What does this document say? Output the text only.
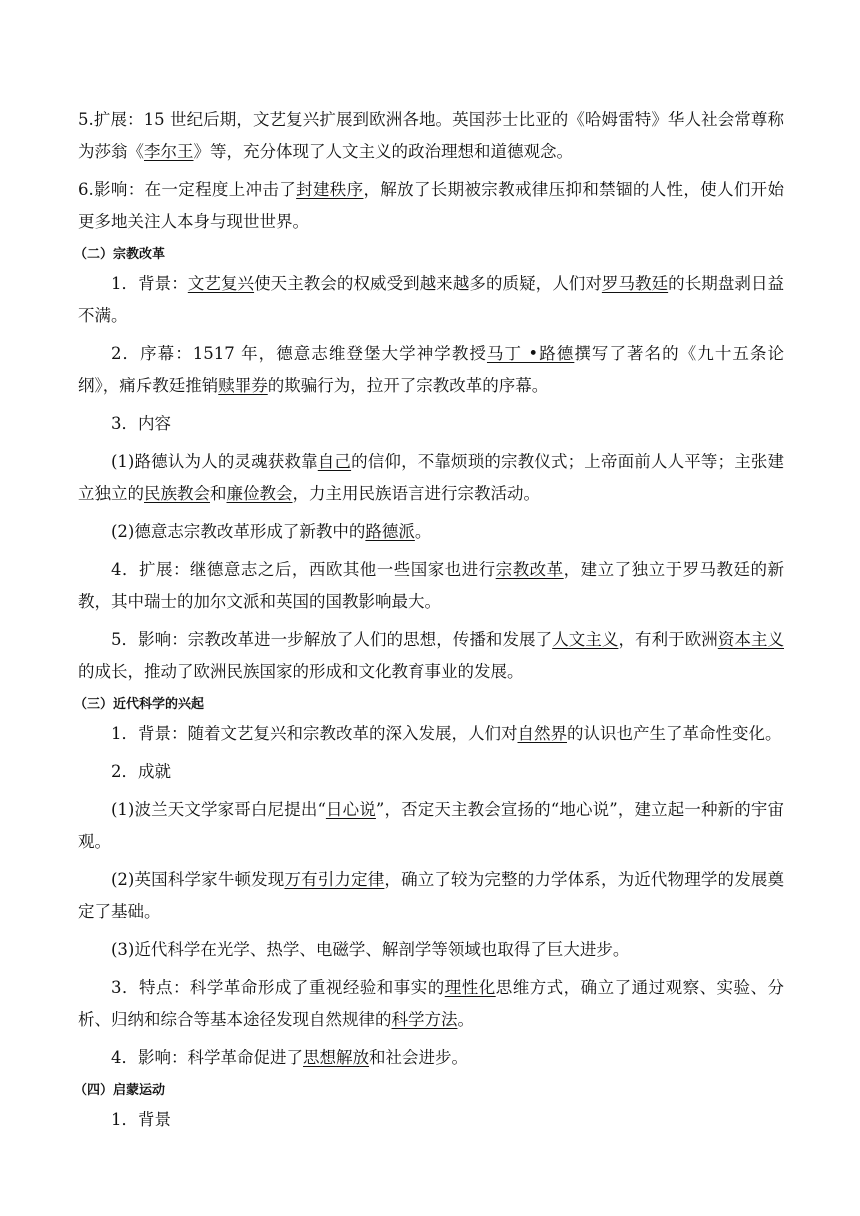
5.扩展：15 世纪后期，文艺复兴扩展到欧洲各地。英国莎士比亚的《哈姆雷特》华人社会常尊称为莎翁《李尔王》等，充分体现了人文主义的政治理想和道德观念。

6.影响：在一定程度上冲击了封建秩序，解放了长期被宗教戒律压抑和禁锢的人性，使人们开始更多地关注人本身与现世世界。

（二）宗教改革

1．背景：文艺复兴使天主教会的权威受到越来越多的质疑，人们对罗马教廷的长期盘剥日益不满。

2．序幕：1517 年，德意志维登堡大学神学教授马丁 •路德撰写了著名的《九十五条论纲》，痛斥教廷推销赎罪券的欺骗行为，拉开了宗教改革的序幕。

3．内容

(1)路德认为人的灵魂获救靠自己的信仰，不靠烦琐的宗教仪式；上帝面前人人平等；主张建立独立的民族教会和廉俭教会，力主用民族语言进行宗教活动。

(2)德意志宗教改革形成了新教中的路德派。

4．扩展：继德意志之后，西欧其他一些国家也进行宗教改革，建立了独立于罗马教廷的新教，其中瑞士的加尔文派和英国的国教影响最大。

5．影响：宗教改革进一步解放了人们的思想，传播和发展了人文主义，有利于欧洲资本主义的成长，推动了欧洲民族国家的形成和文化教育事业的发展。

（三）近代科学的兴起

1．背景：随着文艺复兴和宗教改革的深入发展，人们对自然界的认识也产生了革命性变化。

2．成就

(1)波兰天文学家哥白尼提出“日心说”，否定天主教会宣扬的“地心说”，建立起一种新的宇宙观。

(2)英国科学家牛顿发现万有引力定律，确立了较为完整的力学体系，为近代物理学的发展奠定了基础。

(3)近代科学在光学、热学、电磁学、解剖学等领域也取得了巨大进步。

3．特点：科学革命形成了重视经验和事实的理性化思维方式，确立了通过观察、实验、分析、归纳和综合等基本途径发现自然规律的科学方法。

4．影响：科学革命促进了思想解放和社会进步。

（四）启蒙运动

1．背景
